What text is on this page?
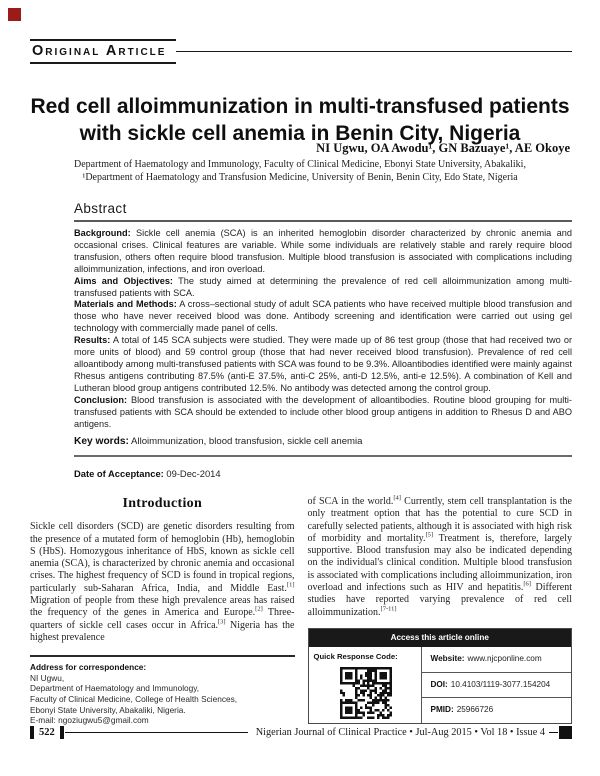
Original Article
Red cell alloimmunization in multi-transfused patients with sickle cell anemia in Benin City, Nigeria
NI Ugwu, OA Awodu¹, GN Bazuaye¹, AE Okoye
Department of Haematology and Immunology, Faculty of Clinical Medicine, Ebonyi State University, Abakaliki,
¹Department of Haematology and Transfusion Medicine, University of Benin, Benin City, Edo State, Nigeria
Abstract

Background: Sickle cell anemia (SCA) is an inherited hemoglobin disorder characterized by chronic anemia and occasional crises. Clinical features are variable. While some individuals are relatively stable and rarely require blood transfusion, others often require blood transfusion. Multiple blood transfusion is associated with complications including alloimmunization, infections, and iron overload.

Aims and Objectives: The study aimed at determining the prevalence of red cell alloimmunization among multi-transfused patients with SCA.

Materials and Methods: A cross–sectional study of adult SCA patients who have received multiple blood transfusion and those who have never received blood was done. Antibody screening and identification were carried out using gel technology with commercially made panel of cells.

Results: A total of 145 SCA subjects were studied. They were made up of 86 test group (those that had received two or more units of blood) and 59 control group (those that had never received blood transfusion). Prevalence of red cell alloantibody among multi-transfused patients with SCA was found to be 9.3%. Alloantibodies identified were mainly against Rhesus antigens contributing 87.5% (anti-E 37.5%, anti-C 25%, anti-D 12.5%, anti-e 12.5%). A combination of Kell and Lutheran blood group antigens contributed 12.5%. No antibody was detected among the control group.

Conclusion: Blood transfusion is associated with the development of alloantibodies. Routine blood grouping for multi-transfused patients with SCA should be extended to include other blood group antigens in addition to Rhesus D and ABO antigens.

Key words: Alloimmunization, blood transfusion, sickle cell anemia
Date of Acceptance: 09-Dec-2014
Introduction

Sickle cell disorders (SCD) are genetic disorders resulting from the presence of a mutated form of hemoglobin (Hb), hemoglobin S (HbS). Homozygous inheritance of HbS, known as sickle cell anemia (SCA), is characterized by chronic anemia and occasional crises. The highest frequency of SCD is found in tropical regions, particularly sub-Saharan Africa, India, and Middle East.[1] Migration of people from these high prevalence areas has raised the frequency of the genes in America and Europe.[2] Three-quarters of sickle cell cases occur in Africa.[3] Nigeria has the highest prevalence

Address for correspondence:
NI Ugwu,
Department of Haematology and Immunology,
Faculty of Clinical Medicine, College of Health Sciences,
Ebonyi State University, Abakaliki, Nigeria.
E-mail: ngoziugwu5@gmail.com

of SCA in the world.[4] Currently, stem cell transplantation is the only treatment option that has the potential to cure SCD in carefully selected patients, although it is associated with high risk of morbidity and mortality.[5] Treatment is, therefore, largely supportive. Blood transfusion may also be indicated depending on the individual's clinical condition. Multiple blood transfusion is associated with complications including alloimmunization, iron overload and infections such as HIV and hepatitis.[6] Different studies have reported varying prevalence of red cell alloimmunization.[7-11]

Access this article online
Quick Response Code:	Website: www.njcponline.com
DOI: 10.4103/1119-3077.154204
PMID: 25966726
522	Nigerian Journal of Clinical Practice • Jul-Aug 2015 • Vol 18 • Issue 4
